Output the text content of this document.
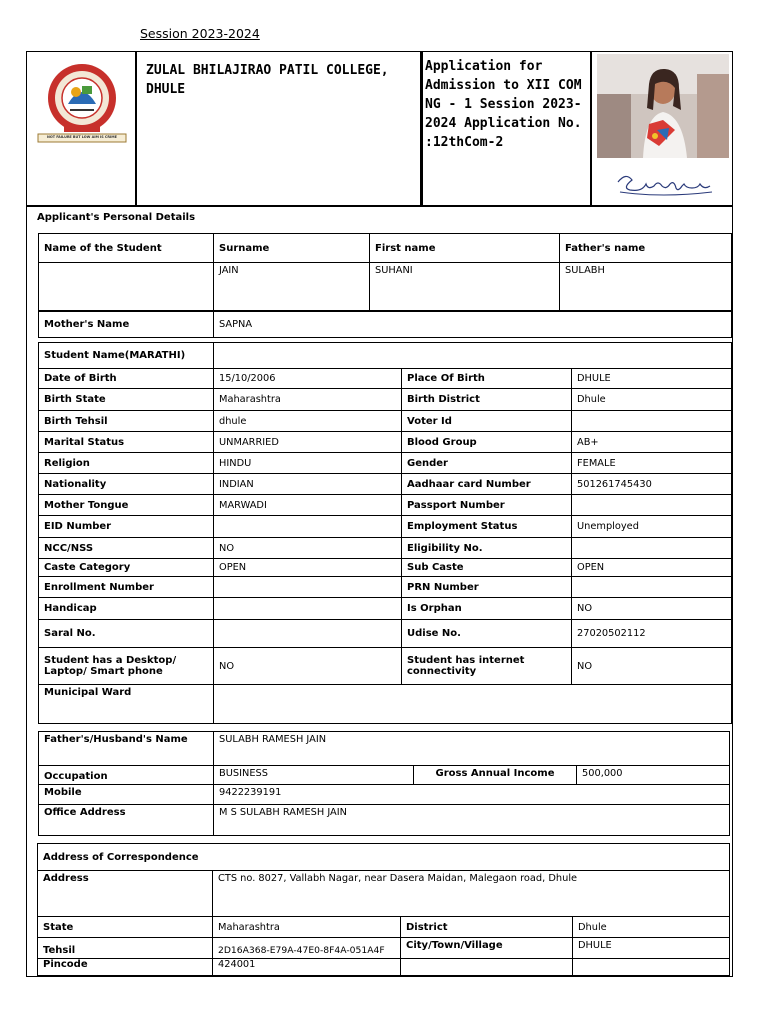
Session 2023-2024
NOT FAILURE BUT LOW AIM IS CRIME
ZULAL BHILAJIRAO PATIL COLLEGE, DHULE
Application for Admission to XII COM NG - 1 Session 2023-2024 Application No. :12thCom-2
Applicant's Personal Details
Name of the Student	Surname	First name	Father's name
	JAIN	SUHANI	SULABH
Mother's Name	SAPNA
Student Name(MARATHI)			
Date of Birth	15/10/2006	Place Of Birth	DHULE
Birth State	Maharashtra	Birth District	Dhule
Birth Tehsil	dhule	Voter Id	
Marital Status	UNMARRIED	Blood Group	AB+
Religion	HINDU	Gender	FEMALE
Nationality	INDIAN	Aadhaar card Number	501261745430
Mother Tongue	MARWADI	Passport Number	
EID Number		Employment Status	Unemployed
NCC/NSS	NO	Eligibility No.	
Caste Category	OPEN	Sub Caste	OPEN
Enrollment Number		PRN Number	
Handicap		Is Orphan	NO
Saral No.		Udise No.	27020502112
Student has a Desktop/ Laptop/ Smart phone	NO	Student has internet connectivity	NO
Municipal Ward			
Father's/Husband's Name	SULABH RAMESH JAIN		
Occupation	BUSINESS	Gross Annual Income	500,000
Mobile	9422239191		
Office Address	M S SULABH RAMESH JAIN		
Address of Correspondence			
Address	CTS no. 8027, Vallabh Nagar, near Dasera Maidan, Malegaon road, Dhule		
State	Maharashtra	District	Dhule
Tehsil	2D16A368-E79A-47E0-8F4A-051A4F	City/Town/Village	DHULE
Pincode	424001		
